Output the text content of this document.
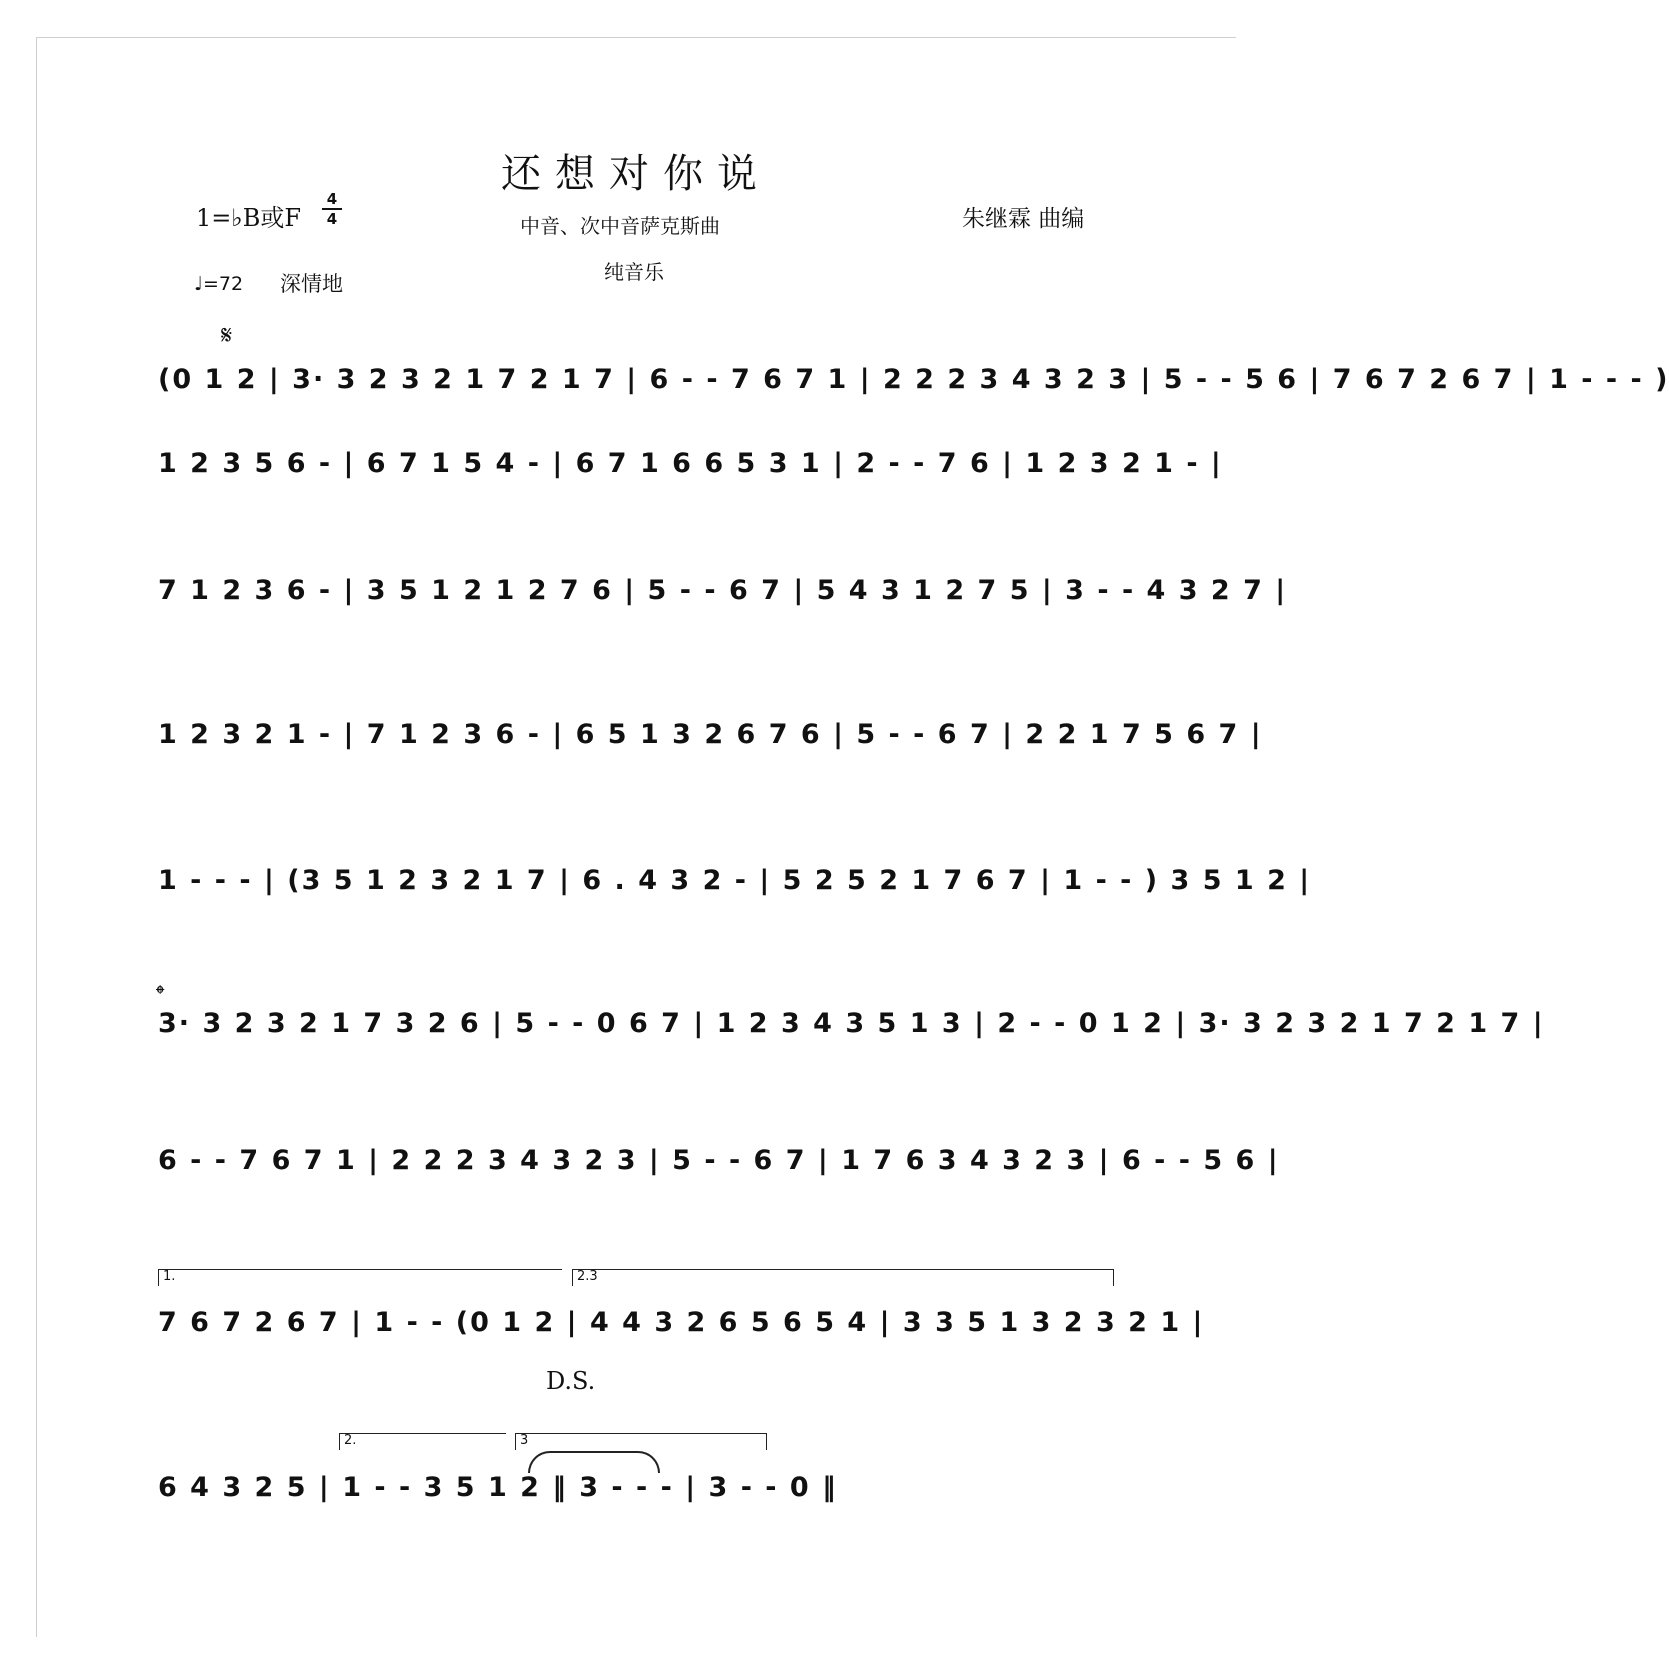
还想对你说
1=♭B或F
4
4	中音、次中音萨克斯曲	朱继霖 曲编
♩=72 深情地	纯音乐
𝄋
(0 1 2 | 3· 3 2 3 2 1 7 2 1 7 | 6 - - 7 6 7 1 | 2 2 2 3 4 3 2 3 | 5 - - 5 6 | 7 6 7 2 6 7 | 1 - - - )
1 2 3 5 6 - | 6 7 1 5 4 - | 6 7 1 6 6 5 3 1 | 2 - - 7 6 | 1 2 3 2 1 - |
7 1 2 3 6 - | 3 5 1 2 1 2 7 6 | 5 - - 6 7 | 5 4 3 1 2 7 5 | 3 - - 4 3 2 7 |
1 2 3 2 1 - | 7 1 2 3 6 - | 6 5 1 3 2 6 7 6 | 5 - - 6 7 | 2 2 1 7 5 6 7 |
1 - - - | (3 5 1 2 3 2 1 7 | 6 . 4 3 2 - | 5 2 5 2 1 7 6 7 | 1 - - ) 3 5 1 2 |
𝄌
3· 3 2 3 2 1 7 3 2 6 | 5 - - 0 6 7 | 1 2 3 4 3 5 1 3 | 2 - - 0 1 2 | 3· 3 2 3 2 1 7 2 1 7 |
6 - - 7 6 7 1 | 2 2 2 3 4 3 2 3 | 5 - - 6 7 | 1 7 6 3 4 3 2 3 | 6 - - 5 6 |
1.	2.3
7 6 7 2 6 7 | 1 - - (0 1 2 | 4 4 3 2 6 5 6 5 4 | 3 3 5 1 3 2 3 2 1 |
D.S.
2.	3
6 4 3 2 5 | 1 - - 3 5 1 2 ‖ 3 - - - | 3 - - 0 ‖
